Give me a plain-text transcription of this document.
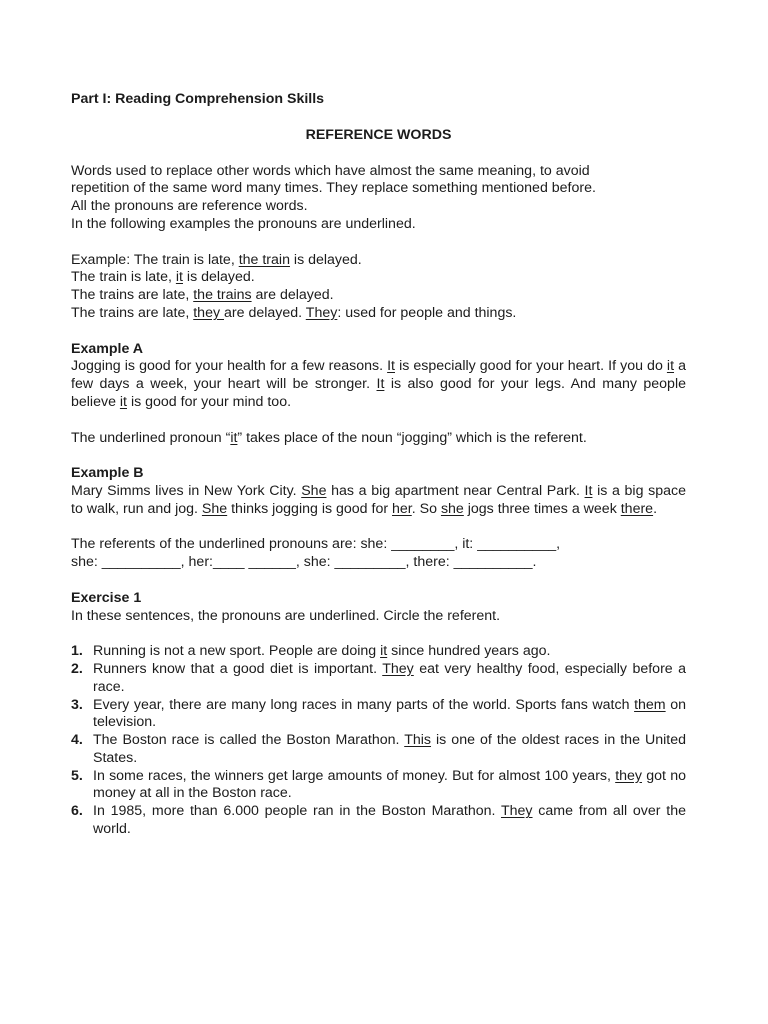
Part I: Reading Comprehension Skills

REFERENCE WORDS

Words used to replace other words which have almost the same meaning, to avoid
repetition of the same word many times. They replace something mentioned before.
All the pronouns are reference words.
In the following examples the pronouns are underlined.
Example: The train is late, the train is delayed.
The train is late, it is delayed.
The trains are late, the trains are delayed.
The trains are late, they are delayed. They: used for people and things.

Example A

Jogging is good for your health for a few reasons. It is especially good for your heart. If you do it a few days a week, your heart will be stronger. It is also good for your legs. And many people believe it is good for your mind too.

The underlined pronoun “it” takes place of the noun “jogging” which is the referent.

Example B

Mary Simms lives in New York City. She has a big apartment near Central Park. It is a big space to walk, run and jog. She thinks jogging is good for her. So she jogs three times a week there.

The referents of the underlined pronouns are: she: ________, it: __________,
she: __________, her:____ ______, she: _________, there: __________.

Exercise 1

In these sentences, the pronouns are underlined. Circle the referent.

1. Running is not a new sport. People are doing it since hundred years ago.
2. Runners know that a good diet is important. They eat very healthy food, especially before a race.
3. Every year, there are many long races in many parts of the world. Sports fans watch them on television.
4. The Boston race is called the Boston Marathon. This is one of the oldest races in the United States.
5. In some races, the winners get large amounts of money. But for almost 100 years, they got no money at all in the Boston race.
6. In 1985, more than 6.000 people ran in the Boston Marathon. They came from all over the world.
